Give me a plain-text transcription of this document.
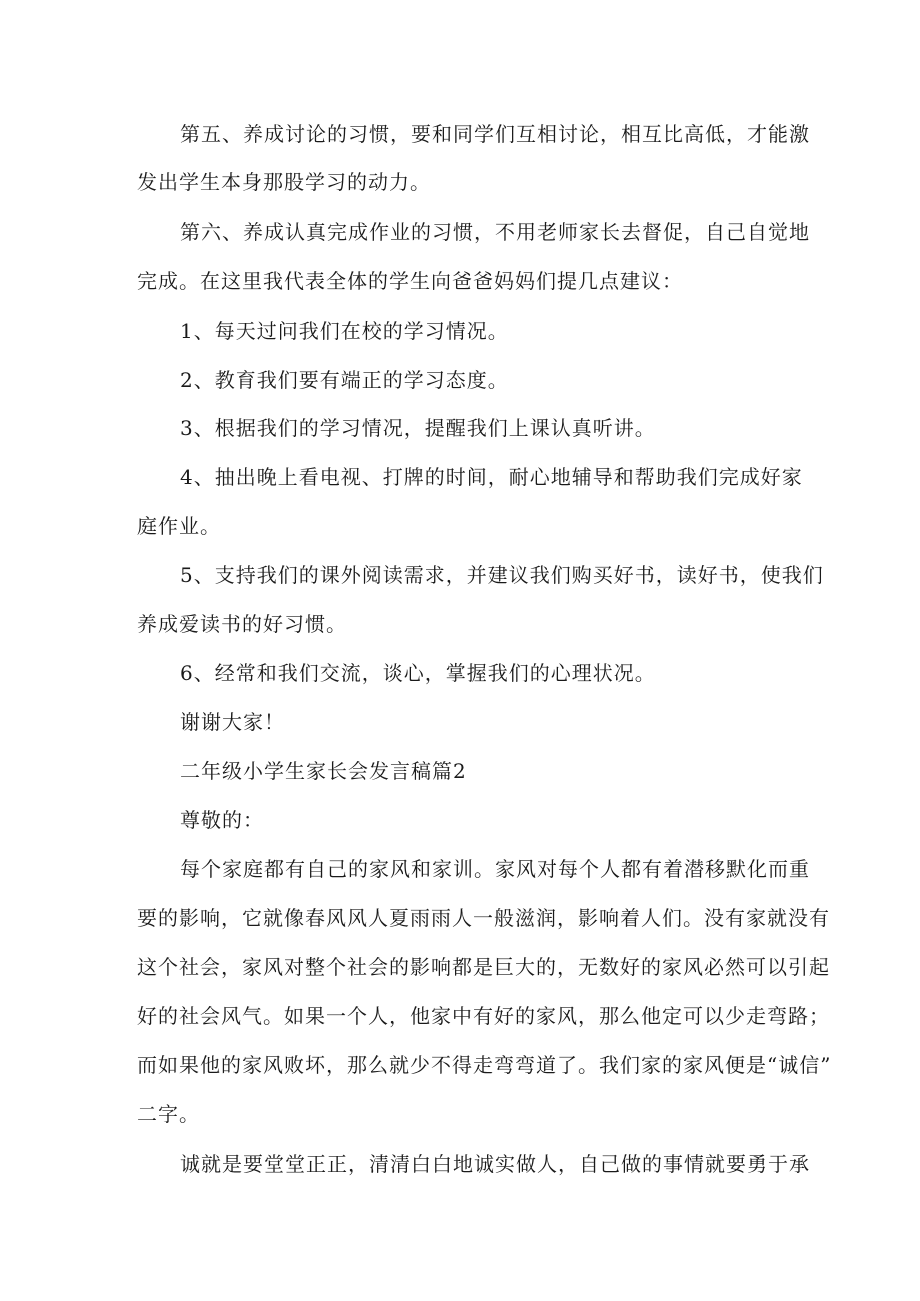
第五、养成讨论的习惯，要和同学们互相讨论，相互比高低，才能激
发出学生本身那股学习的动力。
第六、养成认真完成作业的习惯，不用老师家长去督促，自己自觉地
完成。在这里我代表全体的学生向爸爸妈妈们提几点建议：
1、每天过问我们在校的学习情况。
2、教育我们要有端正的学习态度。
3、根据我们的学习情况，提醒我们上课认真听讲。
4、抽出晚上看电视、打牌的时间，耐心地辅导和帮助我们完成好家
庭作业。
5、支持我们的课外阅读需求，并建议我们购买好书，读好书，使我们
养成爱读书的好习惯。
6、经常和我们交流，谈心，掌握我们的心理状况。
谢谢大家！
二年级小学生家长会发言稿篇2
尊敬的：
每个家庭都有自己的家风和家训。家风对每个人都有着潜移默化而重
要的影响，它就像春风风人夏雨雨人一般滋润，影响着人们。没有家就没有
这个社会，家风对整个社会的影响都是巨大的，无数好的家风必然可以引起
好的社会风气。如果一个人，他家中有好的家风，那么他定可以少走弯路；
而如果他的家风败坏，那么就少不得走弯弯道了。我们家的家风便是“诚信”
二字。
诚就是要堂堂正正，清清白白地诚实做人，自己做的事情就要勇于承
